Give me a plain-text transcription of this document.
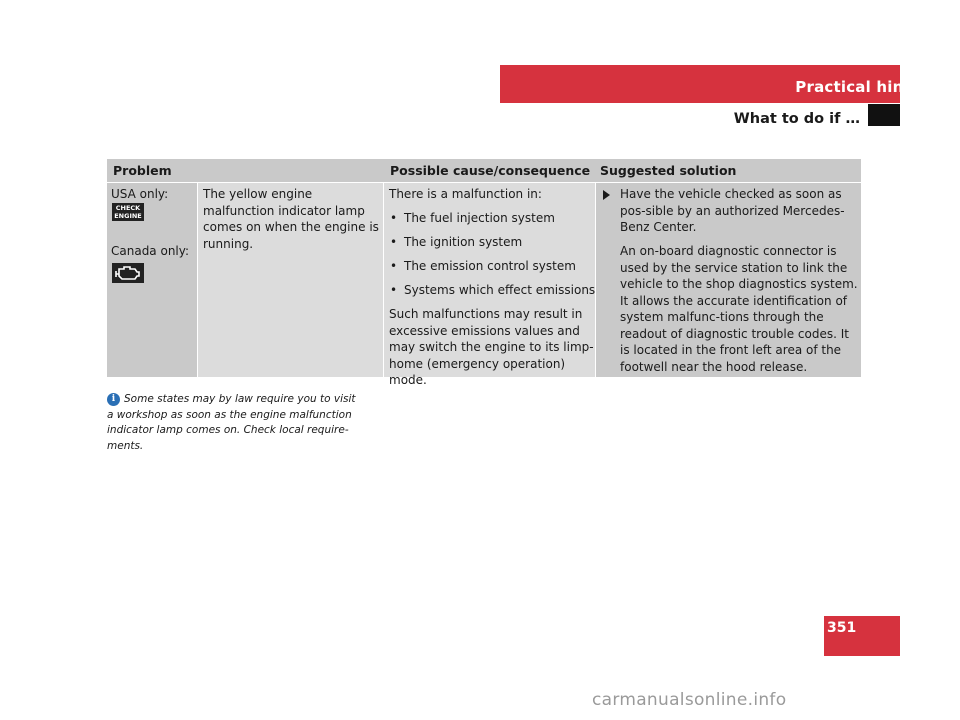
Practical hints
What to do if …
Problem	Possible cause/consequence Suggested solution
USA only:
CHECK
ENGINE
Canada only:
The yellow engine malfunction indicator lamp comes on when the engine is running.
There is a malfunction in:
• The fuel injection system
• The ignition system
• The emission control system
• Systems which effect emissions
Such malfunctions may result in excessive emissions values and may switch the engine to its limp-home (emergency operation) mode.
Have the vehicle checked as soon as pos-sible by an authorized Mercedes-Benz Center.
An on-board diagnostic connector is used by the service station to link the vehicle to the shop diagnostics system. It allows the accurate identification of system malfunc-tions through the readout of diagnostic trouble codes. It is located in the front left area of the footwell near the hood release.
i Some states may by law require you to visit
a workshop as soon as the engine malfunction
indicator lamp comes on. Check local require-
ments.
351
carmanualsonline.info
